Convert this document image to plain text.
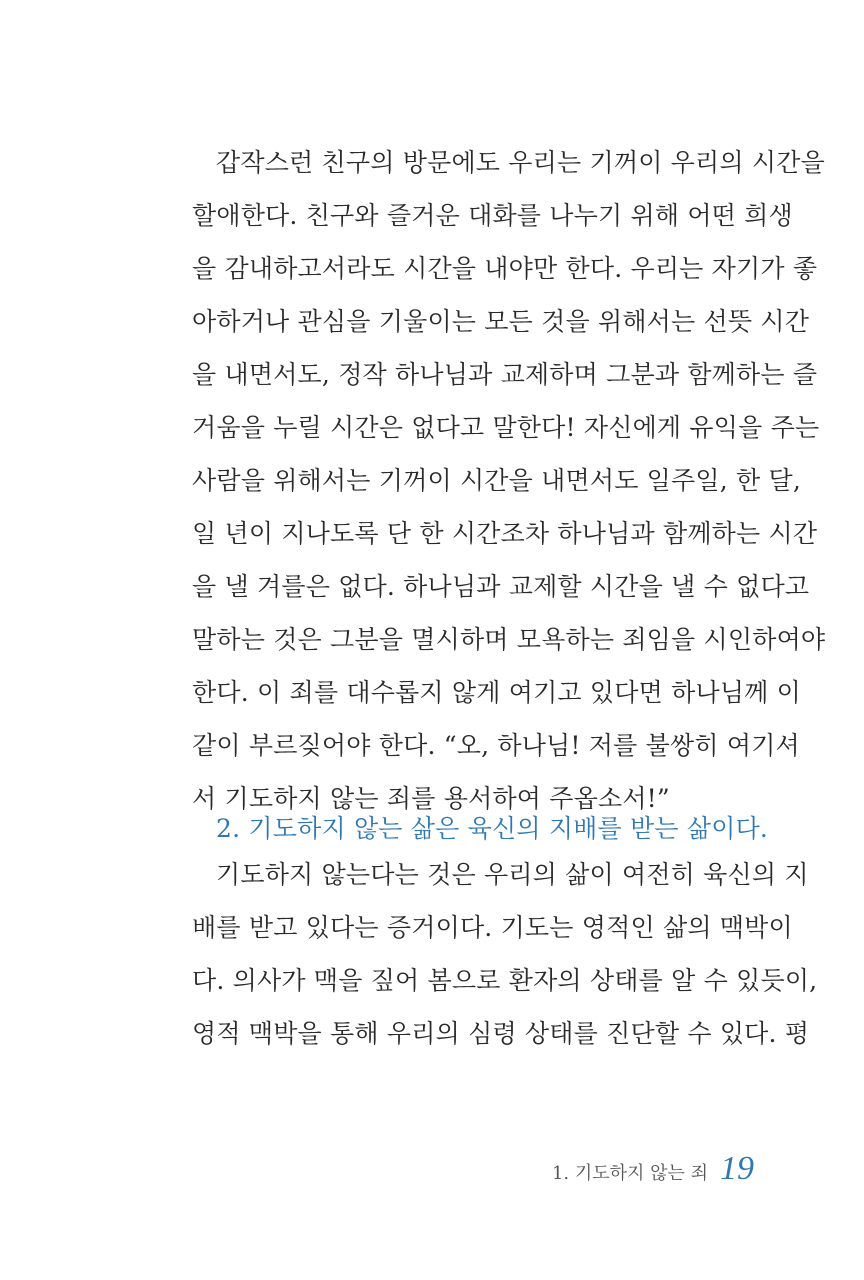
갑작스런 친구의 방문에도 우리는 기꺼이 우리의 시간을
할애한다. 친구와 즐거운 대화를 나누기 위해 어떤 희생
을 감내하고서라도 시간을 내야만 한다. 우리는 자기가 좋
아하거나 관심을 기울이는 모든 것을 위해서는 선뜻 시간
을 내면서도, 정작 하나님과 교제하며 그분과 함께하는 즐
거움을 누릴 시간은 없다고 말한다! 자신에게 유익을 주는
사람을 위해서는 기꺼이 시간을 내면서도 일주일, 한 달,
일 년이 지나도록 단 한 시간조차 하나님과 함께하는 시간
을 낼 겨를은 없다. 하나님과 교제할 시간을 낼 수 없다고
말하는 것은 그분을 멸시하며 모욕하는 죄임을 시인하여야
한다. 이 죄를 대수롭지 않게 여기고 있다면 하나님께 이
같이 부르짖어야 한다. “오, 하나님! 저를 불쌍히 여기셔
서 기도하지 않는 죄를 용서하여 주옵소서!”
2. 기도하지 않는 삶은 육신의 지배를 받는 삶이다.
기도하지 않는다는 것은 우리의 삶이 여전히 육신의 지
배를 받고 있다는 증거이다. 기도는 영적인 삶의 맥박이
다. 의사가 맥을 짚어 봄으로 환자의 상태를 알 수 있듯이,
영적 맥박을 통해 우리의 심령 상태를 진단할 수 있다. 평
1. 기도하지 않는 죄 19
